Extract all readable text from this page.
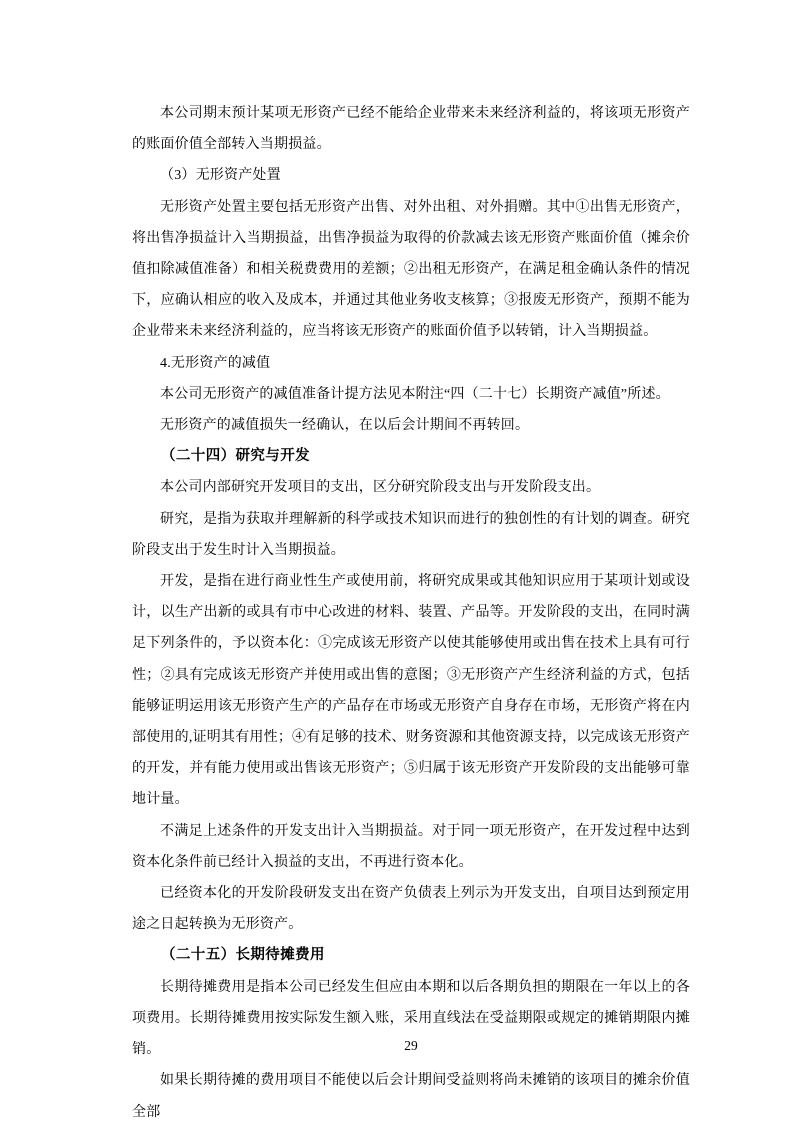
本公司期末预计某项无形资产已经不能给企业带来未来经济利益的，将该项无形资产的账面价值全部转入当期损益。

（3）无形资产处置

无形资产处置主要包括无形资产出售、对外出租、对外捐赠。其中①出售无形资产，将出售净损益计入当期损益，出售净损益为取得的价款减去该无形资产账面价值（摊余价值扣除减值准备）和相关税费费用的差额；②出租无形资产，在满足租金确认条件的情况下，应确认相应的收入及成本，并通过其他业务收支核算；③报废无形资产，预期不能为企业带来未来经济利益的，应当将该无形资产的账面价值予以转销，计入当期损益。

4.无形资产的减值

本公司无形资产的减值准备计提方法见本附注“四（二十七）长期资产减值”所述。

无形资产的减值损失一经确认，在以后会计期间不再转回。

（二十四）研究与开发

本公司内部研究开发项目的支出，区分研究阶段支出与开发阶段支出。

研究，是指为获取并理解新的科学或技术知识而进行的独创性的有计划的调查。研究阶段支出于发生时计入当期损益。

开发，是指在进行商业性生产或使用前，将研究成果或其他知识应用于某项计划或设计，以生产出新的或具有市中心改进的材料、装置、产品等。开发阶段的支出，在同时满足下列条件的，予以资本化：①完成该无形资产以使其能够使用或出售在技术上具有可行性；②具有完成该无形资产并使用或出售的意图；③无形资产产生经济利益的方式，包括能够证明运用该无形资产生产的产品存在市场或无形资产自身存在市场，无形资产将在内部使用的,证明其有用性；④有足够的技术、财务资源和其他资源支持，以完成该无形资产的开发，并有能力使用或出售该无形资产；⑤归属于该无形资产开发阶段的支出能够可靠地计量。

不满足上述条件的开发支出计入当期损益。对于同一项无形资产，在开发过程中达到资本化条件前已经计入损益的支出，不再进行资本化。

已经资本化的开发阶段研发支出在资产负债表上列示为开发支出，自项目达到预定用途之日起转换为无形资产。

（二十五）长期待摊费用

长期待摊费用是指本公司已经发生但应由本期和以后各期负担的期限在一年以上的各项费用。长期待摊费用按实际发生额入账，采用直线法在受益期限或规定的摊销期限内摊销。

如果长期待摊的费用项目不能使以后会计期间受益则将尚未摊销的该项目的摊余价值全部

29
